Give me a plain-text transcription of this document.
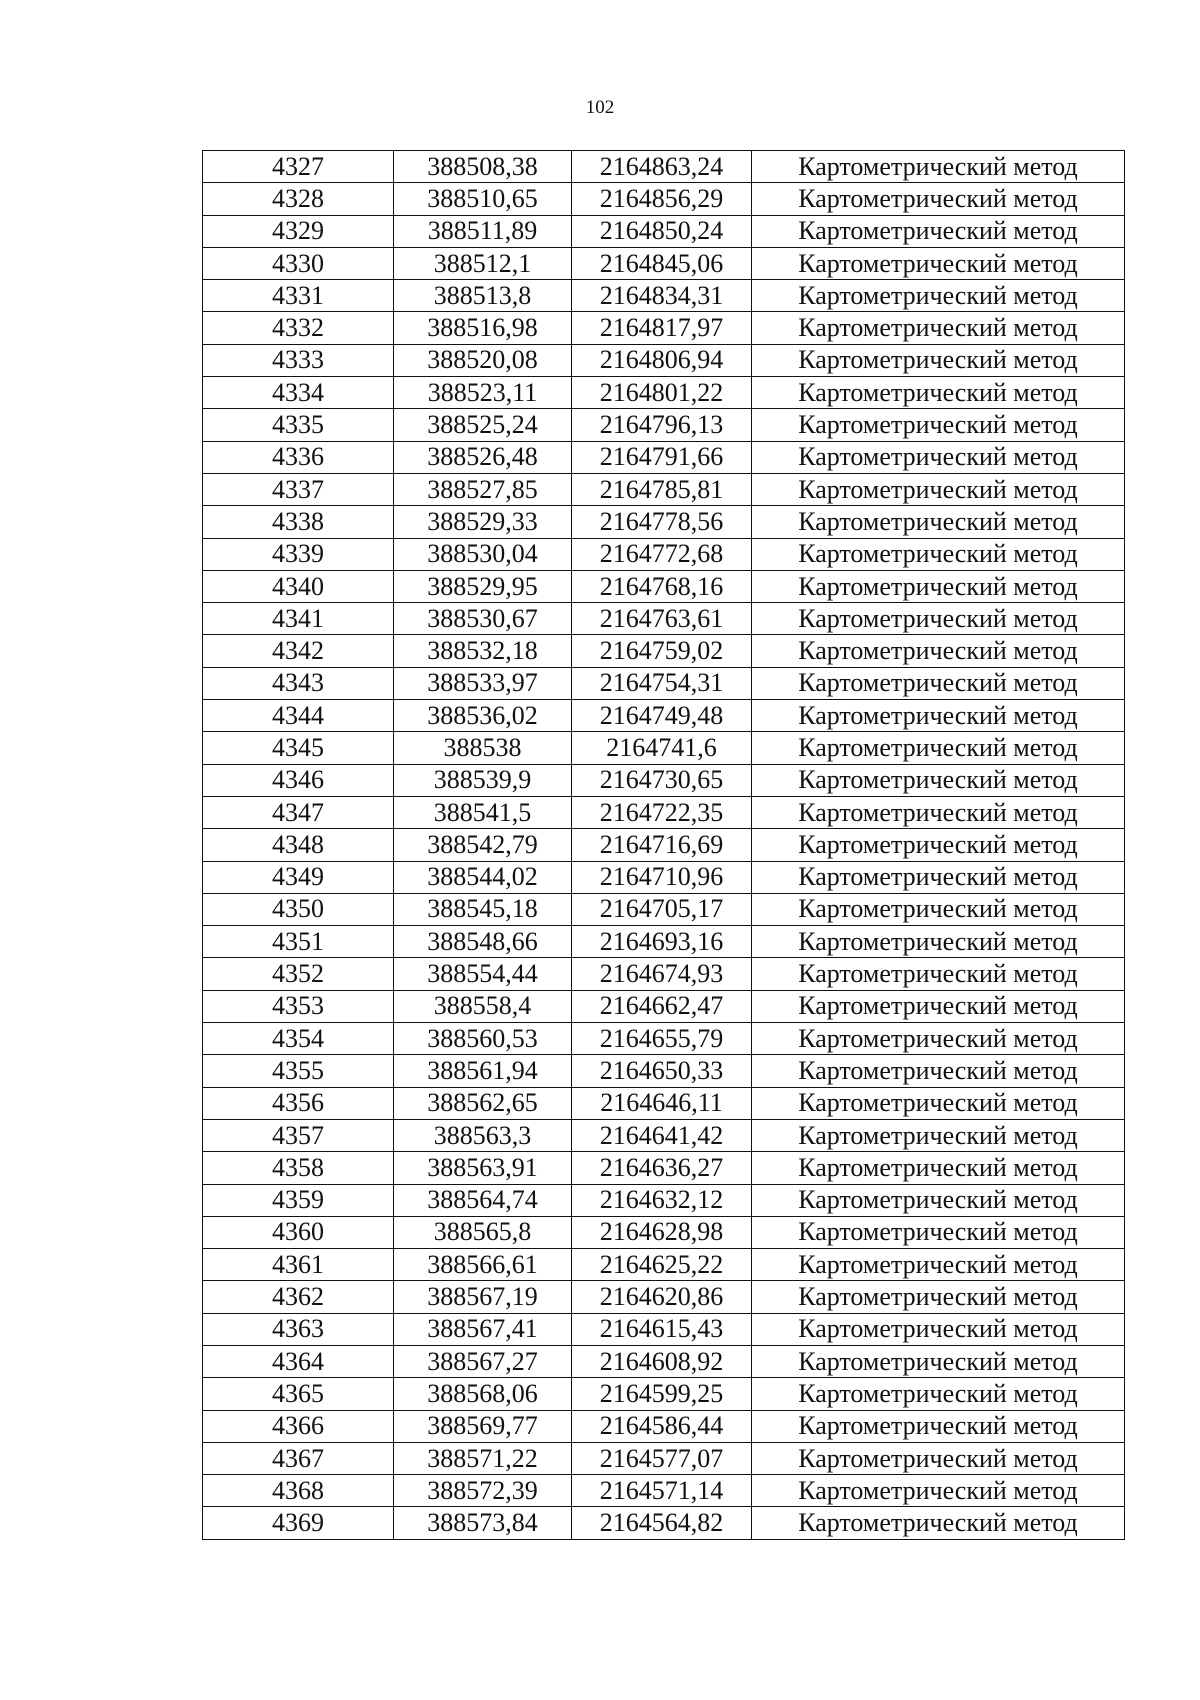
102
4327	388508,38	2164863,24	Картометрический метод
4328	388510,65	2164856,29	Картометрический метод
4329	388511,89	2164850,24	Картометрический метод
4330	388512,1	2164845,06	Картометрический метод
4331	388513,8	2164834,31	Картометрический метод
4332	388516,98	2164817,97	Картометрический метод
4333	388520,08	2164806,94	Картометрический метод
4334	388523,11	2164801,22	Картометрический метод
4335	388525,24	2164796,13	Картометрический метод
4336	388526,48	2164791,66	Картометрический метод
4337	388527,85	2164785,81	Картометрический метод
4338	388529,33	2164778,56	Картометрический метод
4339	388530,04	2164772,68	Картометрический метод
4340	388529,95	2164768,16	Картометрический метод
4341	388530,67	2164763,61	Картометрический метод
4342	388532,18	2164759,02	Картометрический метод
4343	388533,97	2164754,31	Картометрический метод
4344	388536,02	2164749,48	Картометрический метод
4345	388538	2164741,6	Картометрический метод
4346	388539,9	2164730,65	Картометрический метод
4347	388541,5	2164722,35	Картометрический метод
4348	388542,79	2164716,69	Картометрический метод
4349	388544,02	2164710,96	Картометрический метод
4350	388545,18	2164705,17	Картометрический метод
4351	388548,66	2164693,16	Картометрический метод
4352	388554,44	2164674,93	Картометрический метод
4353	388558,4	2164662,47	Картометрический метод
4354	388560,53	2164655,79	Картометрический метод
4355	388561,94	2164650,33	Картометрический метод
4356	388562,65	2164646,11	Картометрический метод
4357	388563,3	2164641,42	Картометрический метод
4358	388563,91	2164636,27	Картометрический метод
4359	388564,74	2164632,12	Картометрический метод
4360	388565,8	2164628,98	Картометрический метод
4361	388566,61	2164625,22	Картометрический метод
4362	388567,19	2164620,86	Картометрический метод
4363	388567,41	2164615,43	Картометрический метод
4364	388567,27	2164608,92	Картометрический метод
4365	388568,06	2164599,25	Картометрический метод
4366	388569,77	2164586,44	Картометрический метод
4367	388571,22	2164577,07	Картометрический метод
4368	388572,39	2164571,14	Картометрический метод
4369	388573,84	2164564,82	Картометрический метод
